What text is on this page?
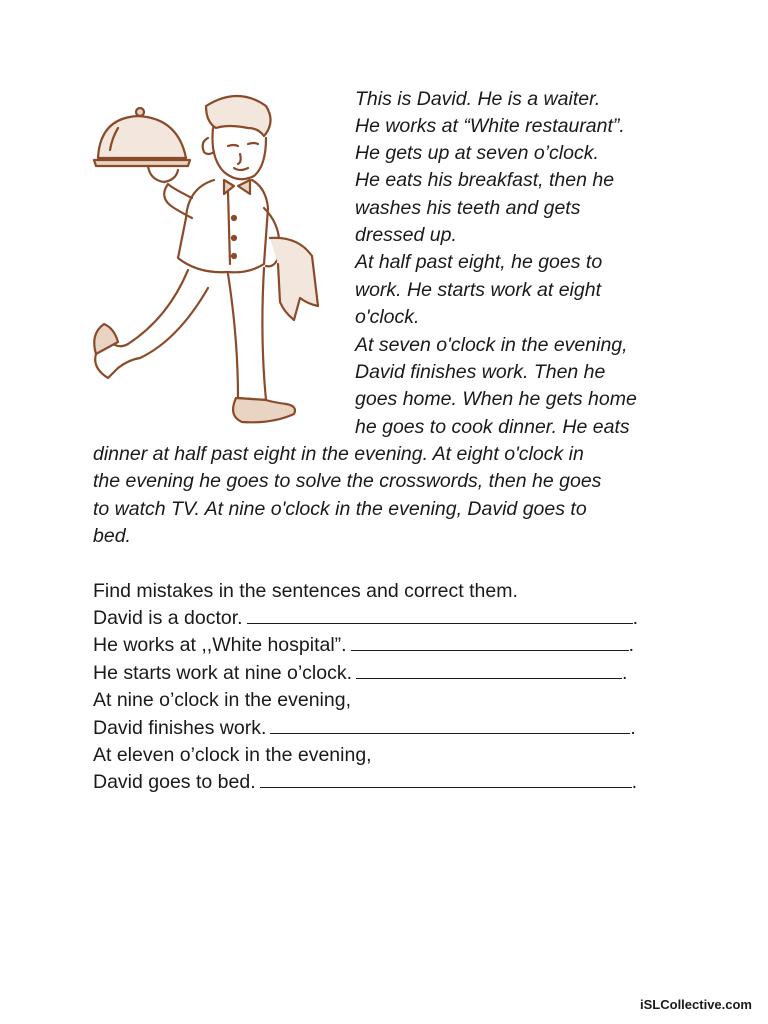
This is David. He is a waiter.
He works at “White restaurant”.
He gets up at seven o’clock.
He eats his breakfast, then he
washes his teeth and gets
dressed up.
At half past eight, he goes to
work. He starts work at eight
o'clock.
At seven o'clock in the evening,
David finishes work. Then he
goes home. When he gets home
he goes to cook dinner. He eats
dinner at half past eight in the evening. At eight o'clock in
the evening he goes to solve the crosswords, then he goes
to watch TV. At nine o'clock in the evening, David goes to
bed.
Find mistakes in the sentences and correct them.
David is a doctor.	.
He works at ,,White hospital”.	.
He starts work at nine o’clock.	.
At nine o’clock in the evening,
David finishes work.	.
At eleven o’clock in the evening,
David goes to bed.	.
iSLCollective.com
